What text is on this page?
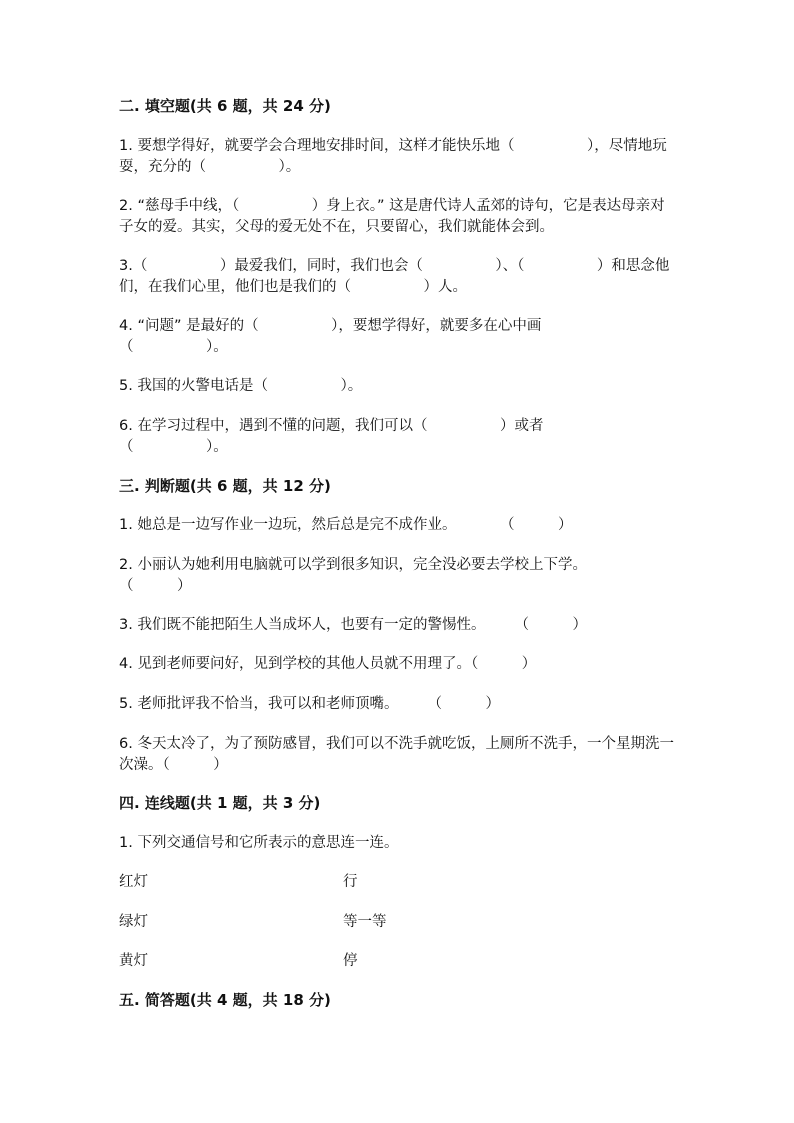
二. 填空题(共 6 题，共 24 分)

1. 要想学得好，就要学会合理地安排时间，这样才能快乐地（　　　　　），尽情地玩耍，充分的（　　　　　）。

2. “慈母手中线，（　　　　　）身上衣。” 这是唐代诗人孟郊的诗句，它是表达母亲对子女的爱。其实，父母的爱无处不在，只要留心，我们就能体会到。

3.（　　　　　）最爱我们，同时，我们也会（　　　　　）、（　　　　　）和思念他们，在我们心里，他们也是我们的（　　　　　）人。

4. “问题” 是最好的（　　　　　），要想学得好，就要多在心中画
（　　　　　）。

5. 我国的火警电话是（　　　　　）。

6. 在学习过程中，遇到不懂的问题，我们可以（　　　　　）或者
（　　　　　）。

三. 判断题(共 6 题，共 12 分)

1. 她总是一边写作业一边玩，然后总是完不成作业。　　　　（　　　）

2. 小丽认为她利用电脑就可以学到很多知识，完全没必要去学校上下学。
（　　　）

3. 我们既不能把陌生人当成坏人，也要有一定的警惕性。　　　（　　　）

4. 见到老师要问好，见到学校的其他人员就不用理了。（　　　）

5. 老师批评我不恰当，我可以和老师顶嘴。　　　（　　　）

6. 冬天太冷了，为了预防感冒，我们可以不洗手就吃饭，上厕所不洗手，一个星期洗一次澡。（　　　）

四. 连线题(共 1 题，共 3 分)

1. 下列交通信号和它所表示的意思连一连。

红灯	行
绿灯	等一等
黄灯	停
五. 简答题(共 4 题，共 18 分)
